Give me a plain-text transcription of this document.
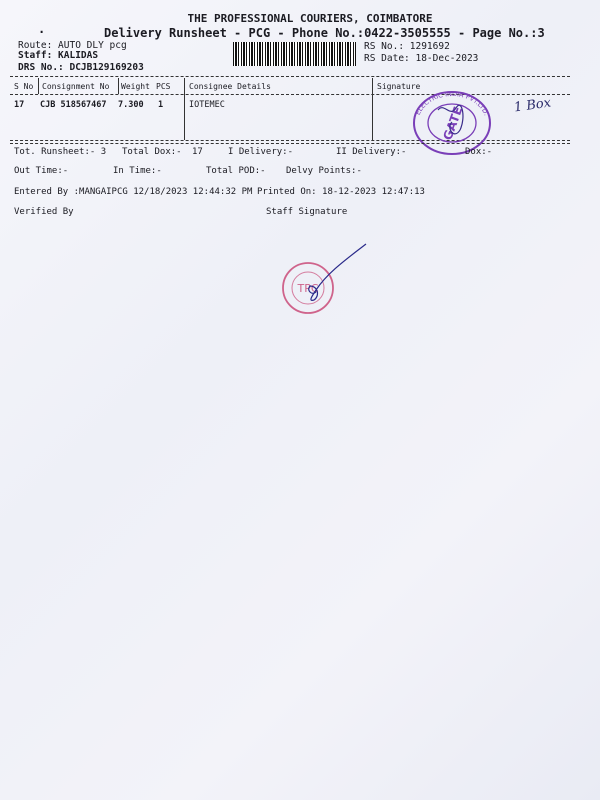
THE PROFESSIONAL COURIERS, COIMBATORE
.	Delivery Runsheet - PCG - Phone No.:0422-3505555 - Page No.:3
Route: AUTO DLY pcg
Staff: KALIDAS
DRS No.: DCJB129169203
RS No.: 1291692
RS Date: 18-Dec-2023
S No Consignment No Weight PCS Consignee Details	Signature
17 CJB 518567467 7.300 1	IOTEMEC	GATE
ELECTRIC INDIA PVT.LTD. 1 Box
Tot. Runsheet:- 3 Total Dox:- 17	I Delivery:-	II Delivery:-	Dox:-
Out Time:-	In Time:-	Total POD:- Delvy Points:-
Entered By :MANGAIPCG 12/18/2023 12:44:32 PM Printed On: 18-12-2023 12:47:13
Verified By	Staff Signature
TPC
